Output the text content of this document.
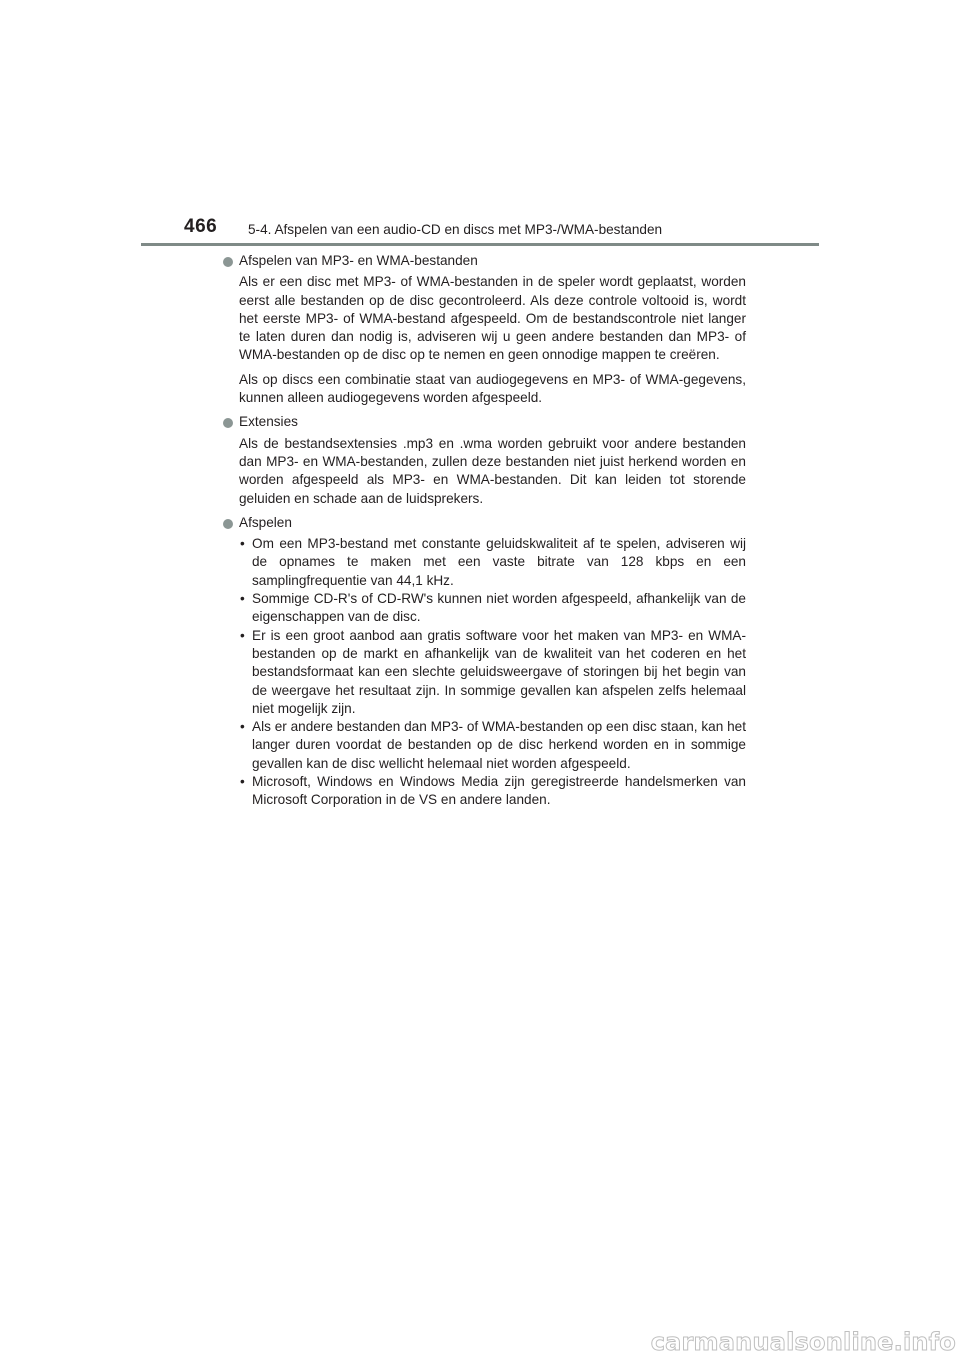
466 5-4. Afspelen van een audio-CD en discs met MP3-/WMA-bestanden
Afspelen van MP3- en WMA-bestanden

Als er een disc met MP3- of WMA-bestanden in de speler wordt geplaatst, worden eerst alle bestanden op de disc gecontroleerd. Als deze controle voltooid is, wordt het eerste MP3- of WMA-bestand afgespeeld. Om de bestandscontrole niet langer te laten duren dan nodig is, adviseren wij u geen andere bestanden dan MP3- of WMA-bestanden op de disc op te nemen en geen onnodige mappen te creëren.

Als op discs een combinatie staat van audiogegevens en MP3- of WMA-gegevens, kunnen alleen audiogegevens worden afgespeeld.

Extensies

Als de bestandsextensies .mp3 en .wma worden gebruikt voor andere bestanden dan MP3- en WMA-bestanden, zullen deze bestanden niet juist herkend worden en worden afgespeeld als MP3- en WMA-bestanden. Dit kan leiden tot storende geluiden en schade aan de luidsprekers.

Afspelen
• Om een MP3-bestand met constante geluidskwaliteit af te spelen, adviseren wij de opnames te maken met een vaste bitrate van 128 kbps en een samplingfrequentie van 44,1 kHz.
• Sommige CD-R's of CD-RW's kunnen niet worden afgespeeld, afhankelijk van de eigenschappen van de disc.
• Er is een groot aanbod aan gratis software voor het maken van MP3- en WMA-bestanden op de markt en afhankelijk van de kwaliteit van het coderen en het bestandsformaat kan een slechte geluidsweergave of storingen bij het begin van de weergave het resultaat zijn. In sommige gevallen kan afspelen zelfs helemaal niet mogelijk zijn.
• Als er andere bestanden dan MP3- of WMA-bestanden op een disc staan, kan het langer duren voordat de bestanden op de disc herkend worden en in sommige gevallen kan de disc wellicht helemaal niet worden afgespeeld.
• Microsoft, Windows en Windows Media zijn geregistreerde handelsmerken van Microsoft Corporation in de VS en andere landen.
carmanualsonline.info
